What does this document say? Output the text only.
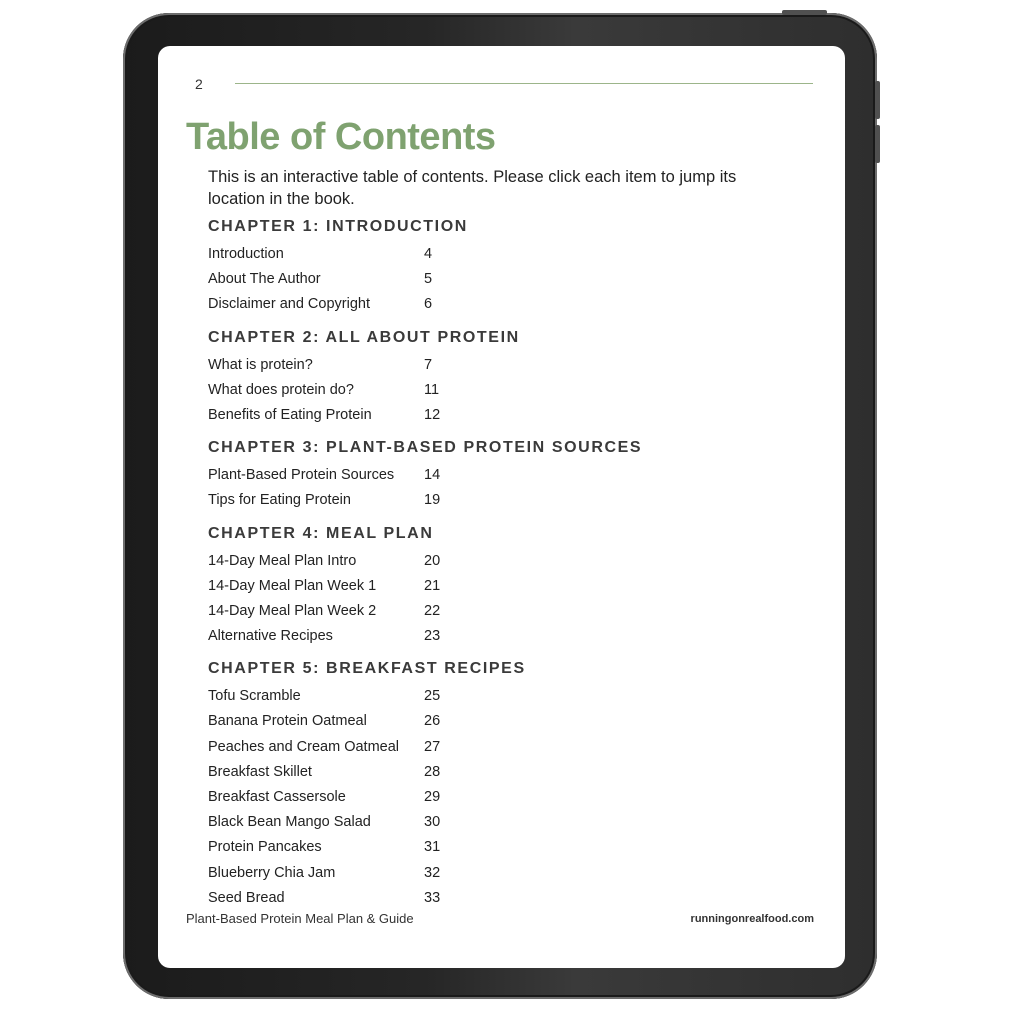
2
Table of Contents
This is an interactive table of contents. Please click each item to jump its location in the book.
CHAPTER 1: INTRODUCTION
Introduction	4
About The Author	5
Disclaimer and Copyright	6
CHAPTER 2: ALL ABOUT PROTEIN
What is protein?	7
What does protein do?	11
Benefits of Eating Protein	12
CHAPTER 3: PLANT-BASED PROTEIN SOURCES
Plant-Based Protein Sources 14
Tips for Eating Protein	19
CHAPTER 4: MEAL PLAN
14-Day Meal Plan Intro	20
14-Day Meal Plan Week 1	21
14-Day Meal Plan Week 2	22
Alternative Recipes	23
CHAPTER 5: BREAKFAST RECIPES
Tofu Scramble	25
Banana Protein Oatmeal	26
Peaches and Cream Oatmeal 27
Breakfast Skillet	28
Breakfast Cassersole	29
Black Bean Mango Salad	30
Protein Pancakes	31
Blueberry Chia Jam	32
Seed Bread	33
Plant-Based Protein Meal Plan & Guide	runningonrealfood.com
